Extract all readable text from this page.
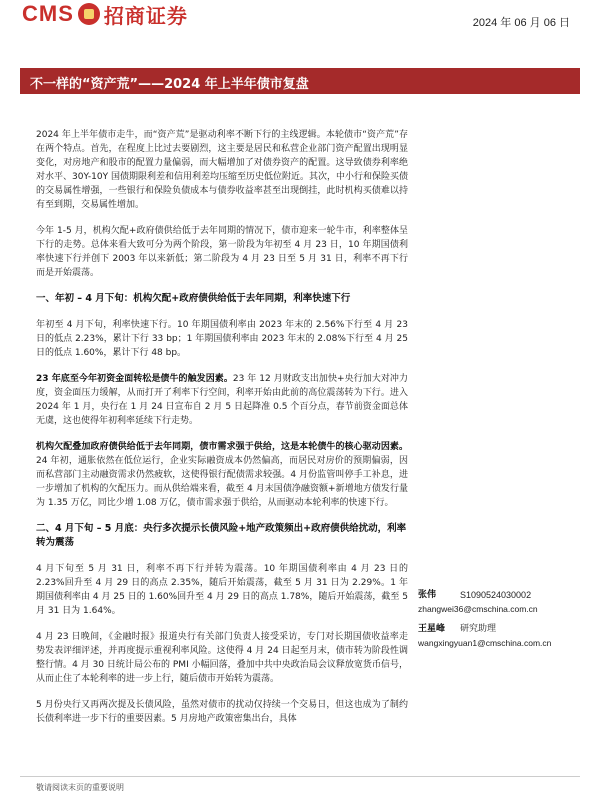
CMS 招商证券	2024 年 06 月 06 日
不一样的“资产荒”——2024 年上半年债市复盘

2024 年上半年债市走牛，而“资产荒”是驱动利率不断下行的主线逻辑。本轮债市“资产荒”存在两个特点。首先，在程度上比过去要剧烈，这主要是居民和私营企业部门资产配置出现明显变化，对房地产和股市的配置力量偏弱，而大幅增加了对债券资产的配置。这导致债券利率绝对水平、30Y-10Y 国债期限利差和信用利差均压缩至历史低位附近。其次，中小行和保险买债的交易属性增强，一些银行和保险负债成本与债券收益率甚至出现倒挂，此时机构买债难以持有至到期，交易属性增加。

今年 1-5 月，机构欠配+政府债供给低于去年同期的情况下，债市迎来一轮牛市，利率整体呈下行的走势。总体来看大致可分为两个阶段，第一阶段为年初至 4 月 23 日，10 年期国债利率快速下行并创下 2003 年以来新低；第二阶段为 4 月 23 日至 5 月 31 日，利率不再下行而是开始震荡。

一、年初 – 4 月下旬：机构欠配+政府债供给低于去年同期，利率快速下行

年初至 4 月下旬，利率快速下行。10 年期国债利率由 2023 年末的 2.56%下行至 4 月 23 日的低点 2.23%，累计下行 33 bp；1 年期国债利率由 2023 年末的 2.08%下行至 4 月 25 日的低点 1.60%，累计下行 48 bp。

23 年底至今年初资金面转松是债牛的触发因素。23 年 12 月财政支出加快+央行加大对冲力度，资金面压力缓解，从而打开了利率下行空间，利率开始由此前的高位震荡转为下行。进入 2024 年 1 月，央行在 1 月 24 日宣布自 2 月 5 日起降准 0.5 个百分点，春节前资金面总体无虞，这也使得年初利率延续下行走势。

机构欠配叠加政府债供给低于去年同期，债市需求强于供给，这是本轮债牛的核心驱动因素。24 年初，通胀依然在低位运行，企业实际融资成本仍然偏高，而居民对房价的预期偏弱，因而私营部门主动融资需求仍然疲软，这使得银行配债需求较强。4 月份监管叫停手工补息，进一步增加了机构的欠配压力。而从供给端来看，截至 4 月末国债净融资额+新增地方债发行量为 1.35 万亿，同比少增 1.08 万亿，债市需求强于供给，从而驱动本轮利率的快速下行。

二、4 月下旬 – 5 月底：央行多次提示长债风险+地产政策频出+政府债供给扰动，利率转为震荡

4 月下旬至 5 月 31 日，利率不再下行并转为震荡。10 年期国债利率由 4 月 23 日的 2.23%回升至 4 月 29 日的高点 2.35%，随后开始震荡，截至 5 月 31 日为 2.29%。1 年期国债利率由 4 月 25 日的 1.60%回升至 4 月 29 日的高点 1.78%，随后开始震荡，截至 5 月 31 日为 1.64%。

4 月 23 日晚间，《金融时报》报道央行有关部门负责人接受采访，专门对长期国债收益率走势发表评细评述，并再度提示重视利率风险。这使得 4 月 24 日起至月末，债市转为阶段性调整行情。4 月 30 日统计局公布的 PMI 小幅回落，叠加中共中央政治局会议释放宽货币信号，从而止住了本轮利率的进一步上行，随后债市开始转为震荡。

5 月份央行又再两次提及长债风险，虽然对债市的扰动仅持续一个交易日，但这也成为了制约长债利率进一步下行的重要因素。5 月房地产政策密集出台，具体

张伟	S1090524030002
zhangwei36@cmschina.com.cn
王星峰	研究助理
wangxingyuan1@cmschina.com.cn
敬请阅读末页的重要说明
